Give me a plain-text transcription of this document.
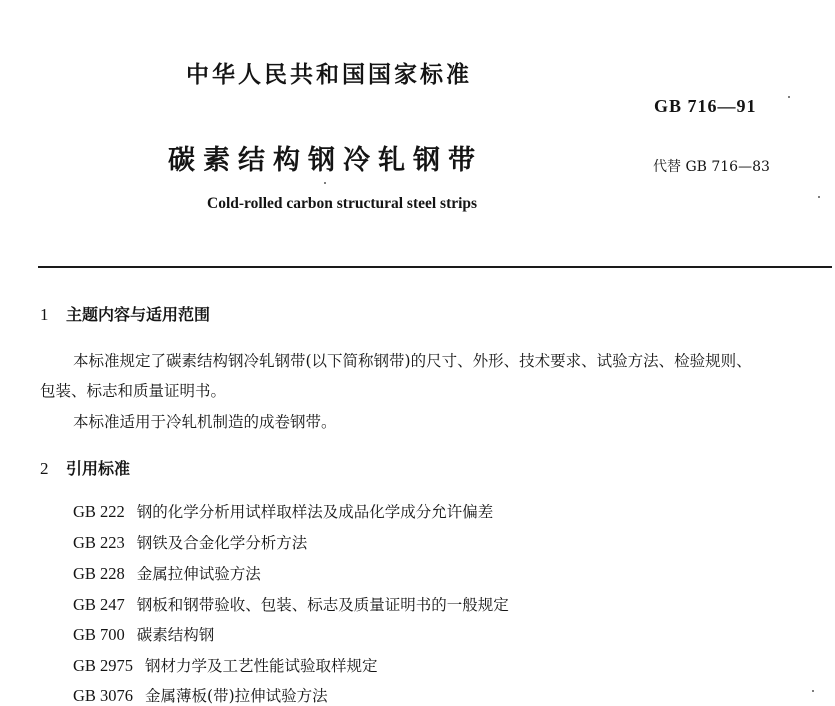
中华人民共和国国家标准
GB 716—91
碳素结构钢冷轧钢带	代替 GB 716—83
Cold-rolled carbon structural steel strips
1 主题内容与适用范围
本标准规定了碳素结构钢冷轧钢带(以下简称钢带)的尺寸、外形、技术要求、试验方法、检验规则、
包装、标志和质量证明书。
本标准适用于冷轧机制造的成卷钢带。
2 引用标准
GB 222 钢的化学分析用试样取样法及成品化学成分允许偏差
GB 223 钢铁及合金化学分析方法
GB 228 金属拉伸试验方法
GB 247 钢板和钢带验收、包装、标志及质量证明书的一般规定
GB 700 碳素结构钢
GB 2975 钢材力学及工艺性能试验取样规定
GB 3076 金属薄板(带)拉伸试验方法
